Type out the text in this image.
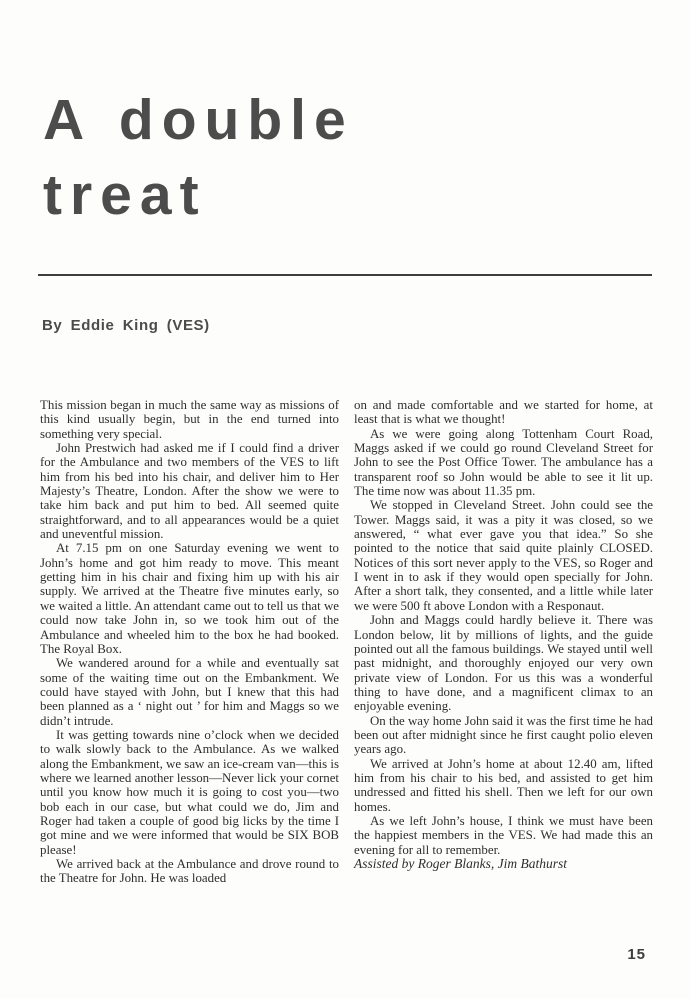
A double
treat
By Eddie King (VES)

This mission began in much the same way as missions of this kind usually begin, but in the end turned into something very special.

John Prestwich had asked me if I could find a driver for the Ambulance and two members of the VES to lift him from his bed into his chair, and deliver him to Her Majesty’s Theatre, London. After the show we were to take him back and put him to bed. All seemed quite straightforward, and to all appearances would be a quiet and uneventful mission.

At 7.15 pm on one Saturday evening we went to John’s home and got him ready to move. This meant getting him in his chair and fixing him up with his air supply. We arrived at the Theatre five minutes early, so we waited a little. An attendant came out to tell us that we could now take John in, so we took him out of the Ambulance and wheeled him to the box he had booked. The Royal Box.

We wandered around for a while and eventually sat some of the waiting time out on the Embankment. We could have stayed with John, but I knew that this had been planned as a ‘ night out ’ for him and Maggs so we didn’t intrude.

It was getting towards nine o’clock when we decided to walk slowly back to the Ambulance. As we walked along the Embankment, we saw an ice-cream van—this is where we learned another lesson—Never lick your cornet until you know how much it is going to cost you—two bob each in our case, but what could we do, Jim and Roger had taken a couple of good big licks by the time I got mine and we were informed that would be SIX BOB please!

We arrived back at the Ambulance and drove round to the Theatre for John. He was loaded

on and made comfortable and we started for home, at least that is what we thought!

As we were going along Tottenham Court Road, Maggs asked if we could go round Cleveland Street for John to see the Post Office Tower. The ambulance has a transparent roof so John would be able to see it lit up. The time now was about 11.35 pm.

We stopped in Cleveland Street. John could see the Tower. Maggs said, it was a pity it was closed, so we answered, “ what ever gave you that idea.” So she pointed to the notice that said quite plainly CLOSED. Notices of this sort never apply to the VES, so Roger and I went in to ask if they would open specially for John. After a short talk, they consented, and a little while later we were 500 ft above London with a Responaut.

John and Maggs could hardly believe it. There was London below, lit by millions of lights, and the guide pointed out all the famous buildings. We stayed until well past midnight, and thoroughly enjoyed our very own private view of London. For us this was a wonderful thing to have done, and a magnificent climax to an enjoyable evening.

On the way home John said it was the first time he had been out after midnight since he first caught polio eleven years ago.

We arrived at John’s home at about 12.40 am, lifted him from his chair to his bed, and assisted to get him undressed and fitted his shell. Then we left for our own homes.

As we left John’s house, I think we must have been the happiest members in the VES. We had made this an evening for all to remember.

Assisted by Roger Blanks, Jim Bathurst

15
